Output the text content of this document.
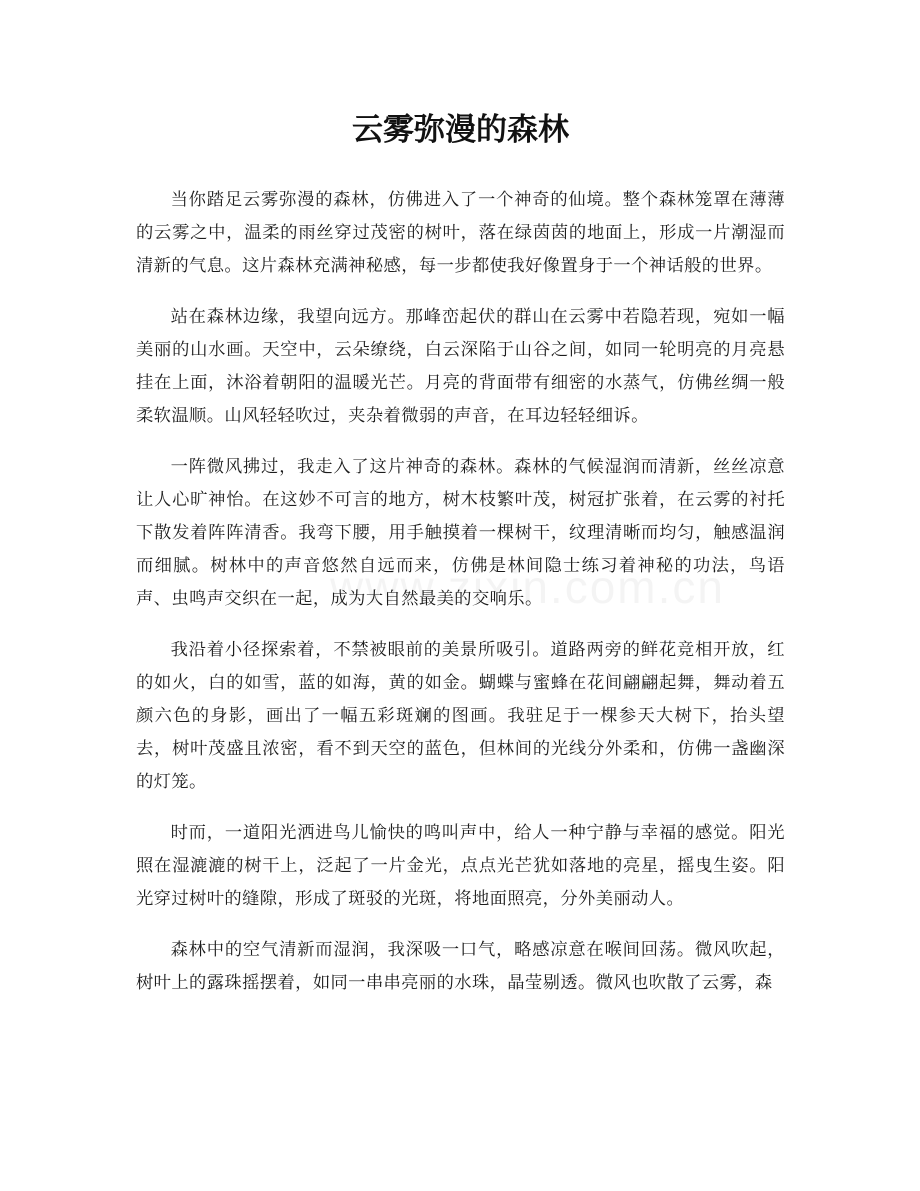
云雾弥漫的森林

当你踏足云雾弥漫的森林，仿佛进入了一个神奇的仙境。整个森林笼罩在薄薄的云雾之中，温柔的雨丝穿过茂密的树叶，落在绿茵茵的地面上，形成一片潮湿而清新的气息。这片森林充满神秘感，每一步都使我好像置身于一个神话般的世界。

站在森林边缘，我望向远方。那峰峦起伏的群山在云雾中若隐若现，宛如一幅美丽的山水画。天空中，云朵缭绕，白云深陷于山谷之间，如同一轮明亮的月亮悬挂在上面，沐浴着朝阳的温暖光芒。月亮的背面带有细密的水蒸气，仿佛丝绸一般柔软温顺。山风轻轻吹过，夹杂着微弱的声音，在耳边轻轻细诉。

一阵微风拂过，我走入了这片神奇的森林。森林的气候湿润而清新，丝丝凉意让人心旷神怡。在这妙不可言的地方，树木枝繁叶茂，树冠扩张着，在云雾的衬托下散发着阵阵清香。我弯下腰，用手触摸着一棵树干，纹理清晰而均匀，触感温润而细腻。树林中的声音悠然自远而来，仿佛是林间隐士练习着神秘的功法，鸟语声、虫鸣声交织在一起，成为大自然最美的交响乐。

我沿着小径探索着，不禁被眼前的美景所吸引。道路两旁的鲜花竞相开放，红的如火，白的如雪，蓝的如海，黄的如金。蝴蝶与蜜蜂在花间翩翩起舞，舞动着五颜六色的身影，画出了一幅五彩斑斓的图画。我驻足于一棵参天大树下，抬头望去，树叶茂盛且浓密，看不到天空的蓝色，但林间的光线分外柔和，仿佛一盏幽深的灯笼。

时而，一道阳光洒进鸟儿愉快的鸣叫声中，给人一种宁静与幸福的感觉。阳光照在湿漉漉的树干上，泛起了一片金光，点点光芒犹如落地的亮星，摇曳生姿。阳光穿过树叶的缝隙，形成了斑驳的光斑，将地面照亮，分外美丽动人。

森林中的空气清新而湿润，我深吸一口气，略感凉意在喉间回荡。微风吹起，树叶上的露珠摇摆着，如同一串串亮丽的水珠，晶莹剔透。微风也吹散了云雾，森
